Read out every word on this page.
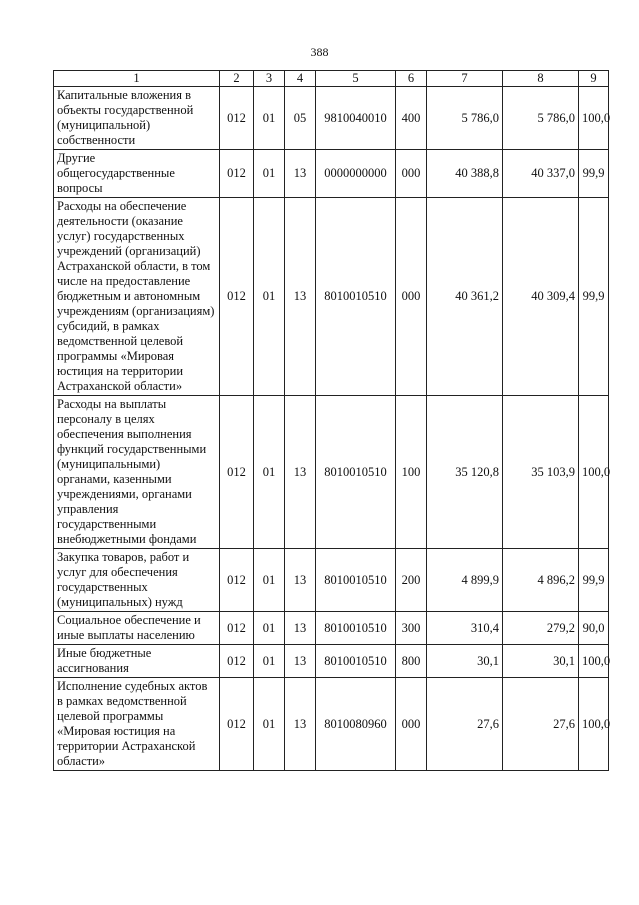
388
1	2	3	4	5	6	7	8	9
Капитальные вложения в объекты государственной (муниципальной) собственности	012	01	05	9810040010	400	5 786,0	5 786,0	100,0
Другие общегосударственные вопросы	012	01	13	0000000000	000	40 388,8	40 337,0	99,9
Расходы на обеспечение деятельности (оказание услуг) государственных учреждений (организаций) Астраханской области, в том числе на предоставление бюджетным и автономным учреждениям (организациям) субсидий, в рамках ведомственной целевой программы «Мировая юстиция на территории Астраханской области»	012	01	13	8010010510	000	40 361,2	40 309,4	99,9
Расходы на выплаты персоналу в целях обеспечения выполнения функций государственными (муниципальными) органами, казенными учреждениями, органами управления государственными внебюджетными фондами	012	01	13	8010010510	100	35 120,8	35 103,9	100,0
Закупка товаров, работ и услуг для обеспечения государственных (муниципальных) нужд	012	01	13	8010010510	200	4 899,9	4 896,2	99,9
Социальное обеспечение и иные выплаты населению	012	01	13	8010010510	300	310,4	279,2	90,0
Иные бюджетные ассигнования	012	01	13	8010010510	800	30,1	30,1	100,0
Исполнение судебных актов в рамках ведомственной целевой программы «Мировая юстиция на территории Астраханской области»	012	01	13	8010080960	000	27,6	27,6	100,0
